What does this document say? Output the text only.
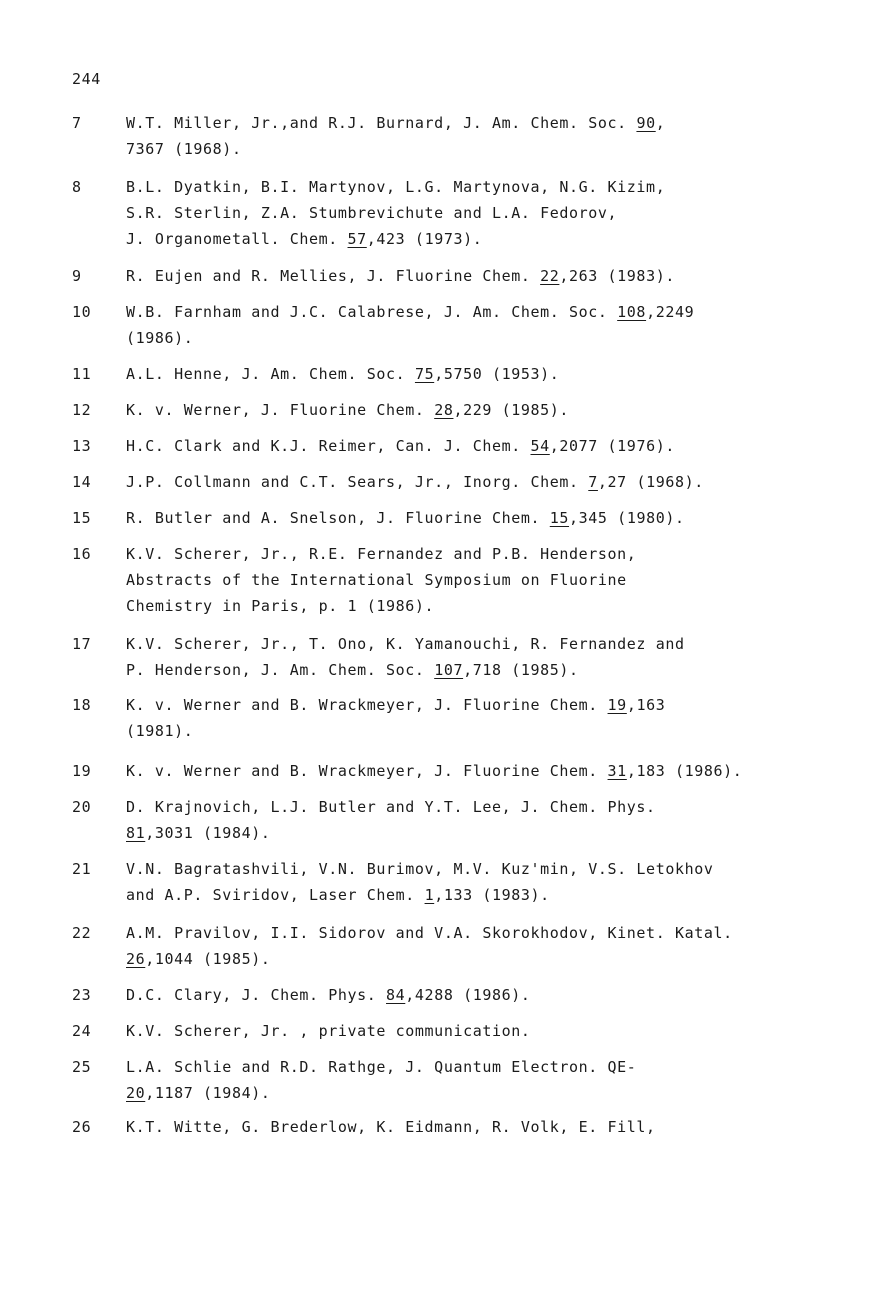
244
7	W.T. Miller, Jr.,and R.J. Burnard, J. Am. Chem. Soc. 90,
7367 (1968).
8	B.L. Dyatkin, B.I. Martynov, L.G. Martynova, N.G. Kizim,
S.R. Sterlin, Z.A. Stumbrevichute and L.A. Fedorov,
J. Organometall. Chem. 57,423 (1973).
9	R. Eujen and R. Mellies, J. Fluorine Chem. 22,263 (1983).
10 W.B. Farnham and J.C. Calabrese, J. Am. Chem. Soc. 108,2249
(1986).
11 A.L. Henne, J. Am. Chem. Soc. 75,5750 (1953).
12 K. v. Werner, J. Fluorine Chem. 28,229 (1985).
13 H.C. Clark and K.J. Reimer, Can. J. Chem. 54,2077 (1976).
14 J.P. Collmann and C.T. Sears, Jr., Inorg. Chem. 7,27 (1968).
15 R. Butler and A. Snelson, J. Fluorine Chem. 15,345 (1980).
16 K.V. Scherer, Jr., R.E. Fernandez and P.B. Henderson,
Abstracts of the International Symposium on Fluorine
Chemistry in Paris, p. 1 (1986).
17 K.V. Scherer, Jr., T. Ono, K. Yamanouchi, R. Fernandez and
P. Henderson, J. Am. Chem. Soc. 107,718 (1985).
18 K. v. Werner and B. Wrackmeyer, J. Fluorine Chem. 19,163
(1981).
19 K. v. Werner and B. Wrackmeyer, J. Fluorine Chem. 31,183 (1986).
20 D. Krajnovich, L.J. Butler and Y.T. Lee, J. Chem. Phys.
81,3031 (1984).
21 V.N. Bagratashvili, V.N. Burimov, M.V. Kuz'min, V.S. Letokhov
and A.P. Sviridov, Laser Chem. 1,133 (1983).
22 A.M. Pravilov, I.I. Sidorov and V.A. Skorokhodov, Kinet. Katal.
26,1044 (1985).
23 D.C. Clary, J. Chem. Phys. 84,4288 (1986).
24 K.V. Scherer, Jr. , private communication.
25 L.A. Schlie and R.D. Rathge, J. Quantum Electron. QE-
20,1187 (1984).
26 K.T. Witte, G. Brederlow, K. Eidmann, R. Volk, E. Fill,
